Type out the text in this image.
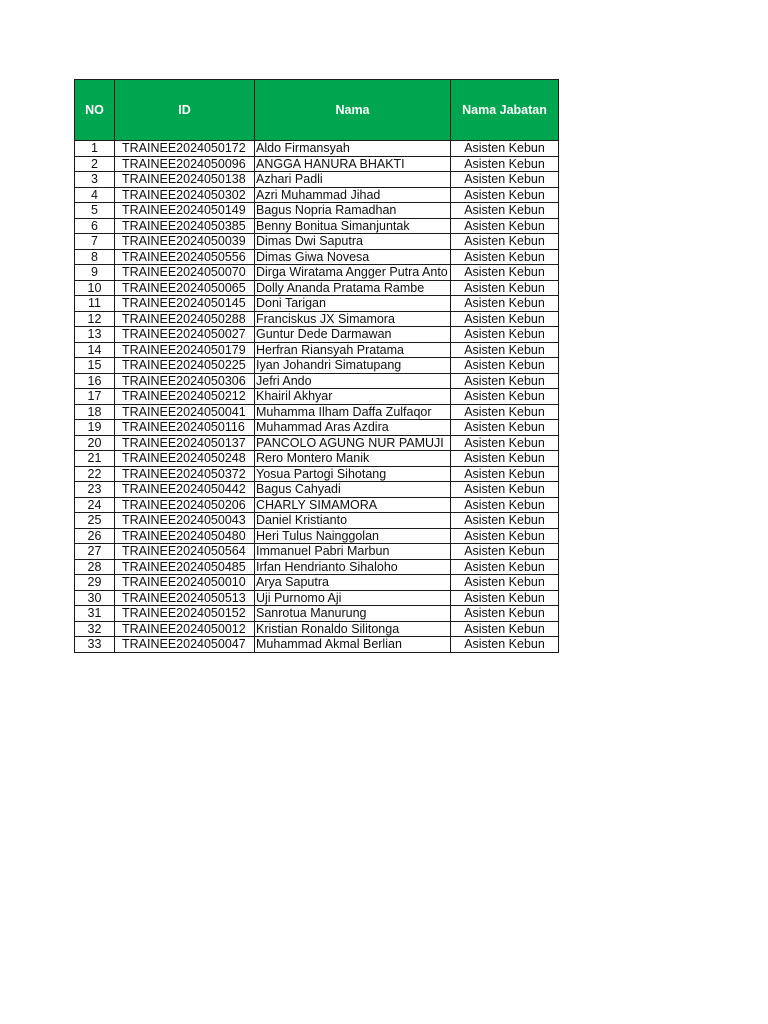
NO	ID	Nama	Nama Jabatan
1	TRAINEE2024050172	Aldo Firmansyah	Asisten Kebun
2	TRAINEE2024050096	ANGGA HANURA BHAKTI	Asisten Kebun
3	TRAINEE2024050138	Azhari Padli	Asisten Kebun
4	TRAINEE2024050302	Azri Muhammad Jihad	Asisten Kebun
5	TRAINEE2024050149	Bagus Nopria Ramadhan	Asisten Kebun
6	TRAINEE2024050385	Benny Bonitua Simanjuntak	Asisten Kebun
7	TRAINEE2024050039	Dimas Dwi Saputra	Asisten Kebun
8	TRAINEE2024050556	Dimas Giwa Novesa	Asisten Kebun
9	TRAINEE2024050070	Dirga Wiratama Angger Putra Anto	Asisten Kebun
10	TRAINEE2024050065	Dolly Ananda Pratama Rambe	Asisten Kebun
11	TRAINEE2024050145	Doni Tarigan	Asisten Kebun
12	TRAINEE2024050288	Franciskus JX Simamora	Asisten Kebun
13	TRAINEE2024050027	Guntur Dede Darmawan	Asisten Kebun
14	TRAINEE2024050179	Herfran Riansyah Pratama	Asisten Kebun
15	TRAINEE2024050225	Iyan Johandri Simatupang	Asisten Kebun
16	TRAINEE2024050306	Jefri Ando	Asisten Kebun
17	TRAINEE2024050212	Khairil Akhyar	Asisten Kebun
18	TRAINEE2024050041	Muhamma Ilham Daffa Zulfaqor	Asisten Kebun
19	TRAINEE2024050116	Muhammad Aras Azdira	Asisten Kebun
20	TRAINEE2024050137	PANCOLO AGUNG NUR PAMUJI	Asisten Kebun
21	TRAINEE2024050248	Rero Montero Manik	Asisten Kebun
22	TRAINEE2024050372	Yosua Partogi Sihotang	Asisten Kebun
23	TRAINEE2024050442	Bagus Cahyadi	Asisten Kebun
24	TRAINEE2024050206	CHARLY SIMAMORA	Asisten Kebun
25	TRAINEE2024050043	Daniel Kristianto	Asisten Kebun
26	TRAINEE2024050480	Heri Tulus Nainggolan	Asisten Kebun
27	TRAINEE2024050564	Immanuel Pabri Marbun	Asisten Kebun
28	TRAINEE2024050485	Irfan Hendrianto Sihaloho	Asisten Kebun
29	TRAINEE2024050010	Arya Saputra	Asisten Kebun
30	TRAINEE2024050513	Uji Purnomo Aji	Asisten Kebun
31	TRAINEE2024050152	Sanrotua Manurung	Asisten Kebun
32	TRAINEE2024050012	Kristian Ronaldo Silitonga	Asisten Kebun
33	TRAINEE2024050047	Muhammad Akmal Berlian	Asisten Kebun
